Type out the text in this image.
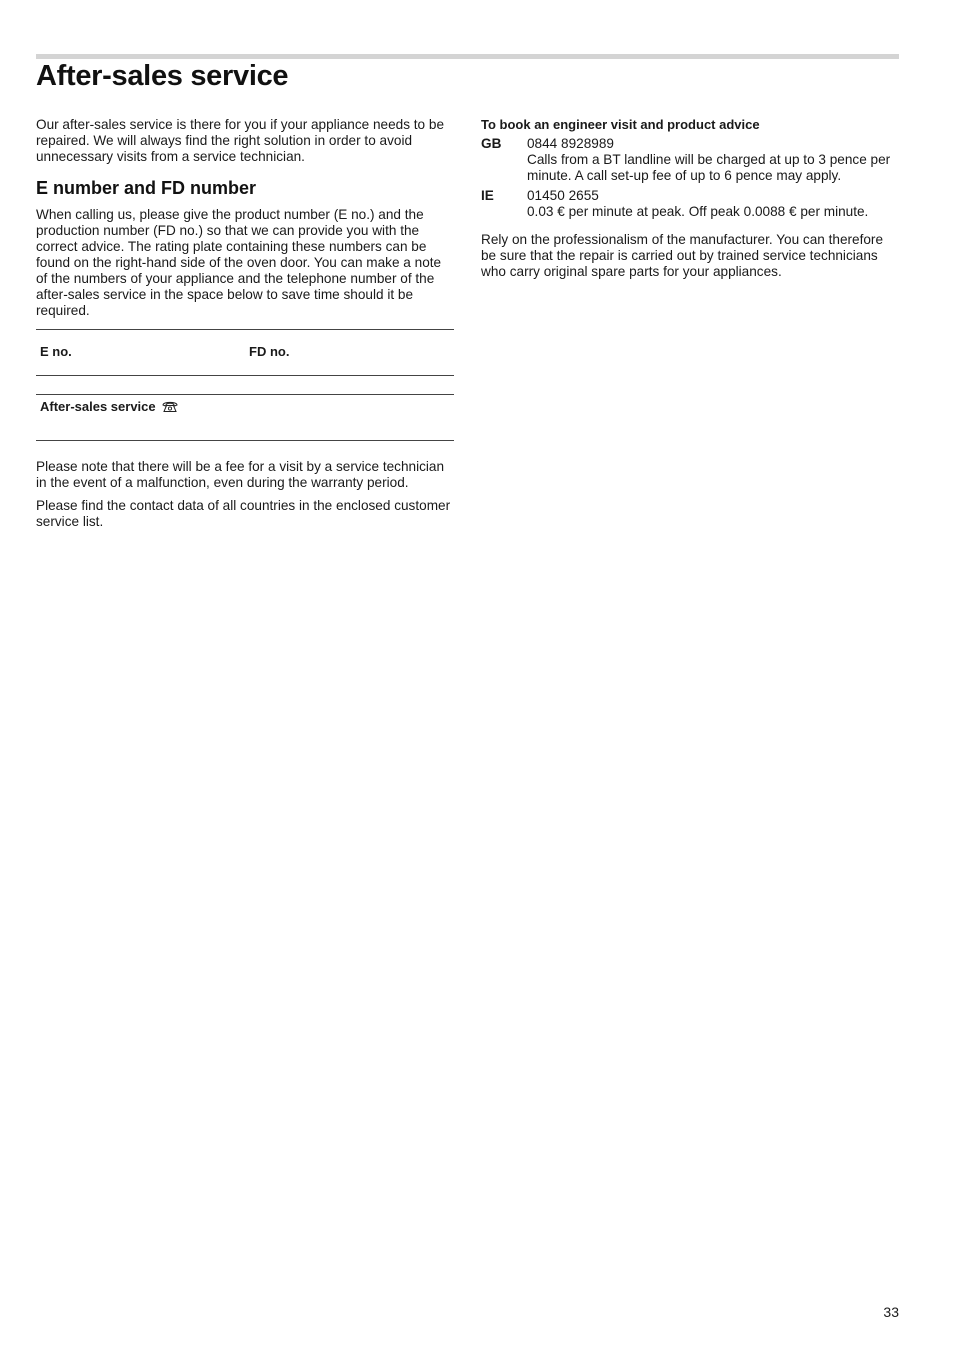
After-sales service

Our after-sales service is there for you if your appliance needs to be repaired. We will always find the right solution in order to avoid unnecessary visits from a service technician.

E number and FD number

When calling us, please give the product number (E no.) and the production number (FD no.) so that we can provide you with the correct advice. The rating plate containing these numbers can be found on the right-hand side of the oven door. You can make a note of the numbers of your appliance and the telephone number of the after-sales service in the space below to save time should it be required.

E no.	FD no.
After-sales service

Please note that there will be a fee for a visit by a service technician in the event of a malfunction, even during the warranty period.

Please find the contact data of all countries in the enclosed customer service list.

To book an engineer visit and product advice
GB	0844 8928989
Calls from a BT landline will be charged at up to 3 pence per minute. A call set-up fee of up to 6 pence may apply.
IE	01450 2655
0.03 € per minute at peak. Off peak 0.0088 € per minute.

Rely on the professionalism of the manufacturer. You can therefore be sure that the repair is carried out by trained service technicians who carry original spare parts for your appliances.

33
